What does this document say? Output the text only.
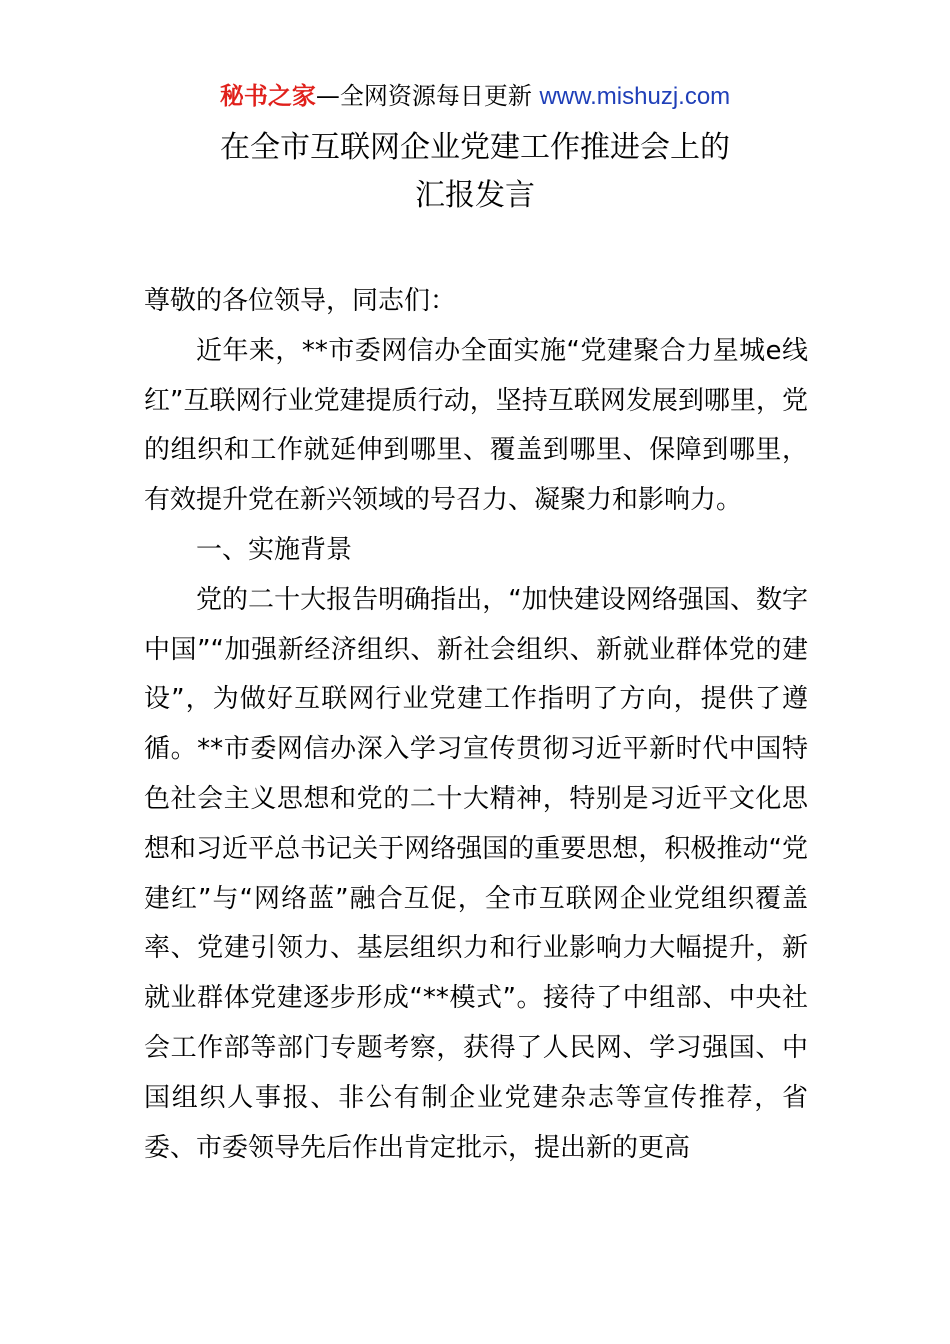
秘书之家—全网资源每日更新 www.mishuzj.com
在全市互联网企业党建工作推进会上的
汇报发言

尊敬的各位领导，同志们：

近年来，**市委网信办全面实施“党建聚合力星城e线红”互联网行业党建提质行动，坚持互联网发展到哪里，党的组织和工作就延伸到哪里、覆盖到哪里、保障到哪里，有效提升党在新兴领域的号召力、凝聚力和影响力。

一、实施背景

党的二十大报告明确指出，“加快建设网络强国、数字中国”“加强新经济组织、新社会组织、新就业群体党的建设”，为做好互联网行业党建工作指明了方向，提供了遵循。**市委网信办深入学习宣传贯彻习近平新时代中国特色社会主义思想和党的二十大精神，特别是习近平文化思想和习近平总书记关于网络强国的重要思想，积极推动“党建红”与“网络蓝”融合互促，全市互联网企业党组织覆盖率、党建引领力、基层组织力和行业影响力大幅提升，新就业群体党建逐步形成“**模式”。接待了中组部、中央社会工作部等部门专题考察，获得了人民网、学习强国、中国组织人事报、非公有制企业党建杂志等宣传推荐，省委、市委领导先后作出肯定批示，提出新的更高
